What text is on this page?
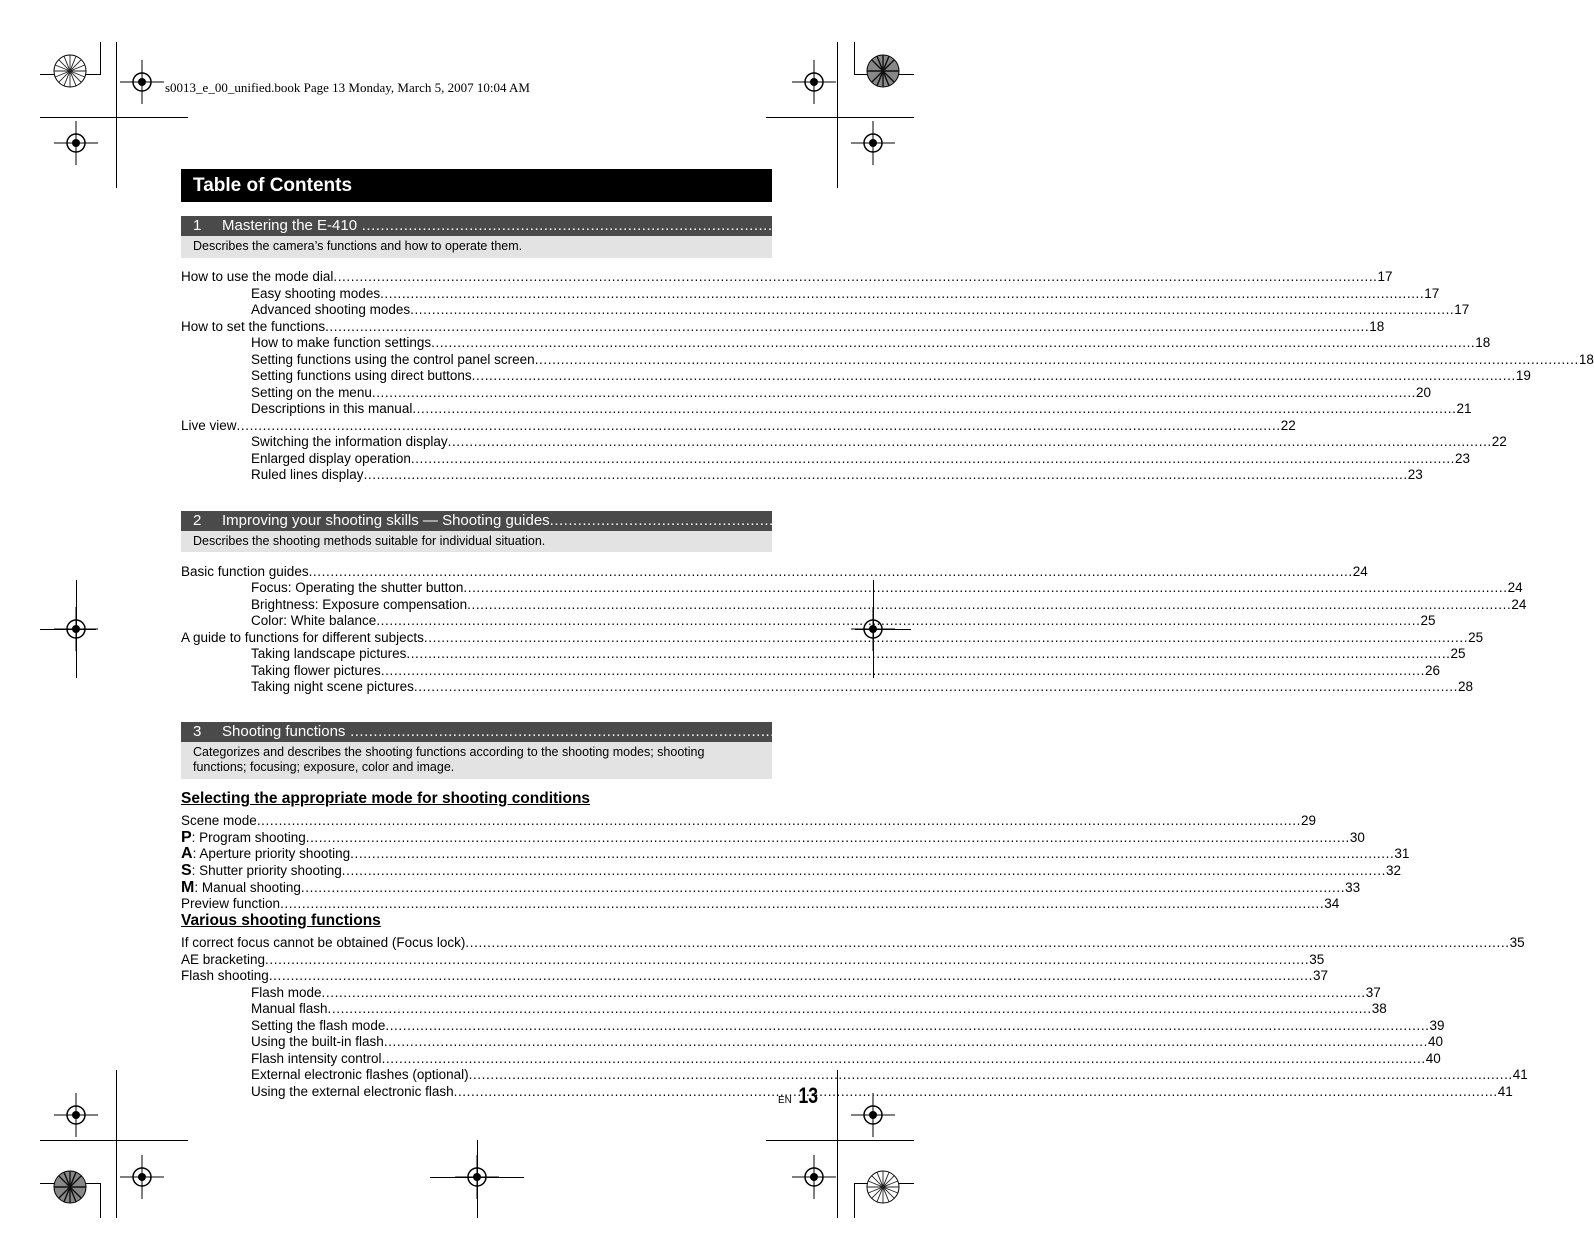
s0013_e_00_unified.book Page 13 Monday, March 5, 2007 10:04 AM
Table of Contents
1	Mastering the E-410 ................................................................................................................................. 17
Describes the camera’s functions and how to operate them.
How to use the mode dial .....	17
Easy shooting modes .....	17
Advanced shooting modes .....	17
How to set the functions .....	18
How to make function settings .....	18
Setting functions using the control panel screen .....	18
Setting functions using direct buttons .....	19
Setting on the menu .....	20
Descriptions in this manual .....	21
Live view .....	22
Switching the information display .....	22
Enlarged display operation .....	23
Ruled lines display .....	23
2	Improving your shooting skills — Shooting guides ................................................................................................................................. 24
Describes the shooting methods suitable for individual situation.
Basic function guides .....	24
Focus: Operating the shutter button .....	24
Brightness: Exposure compensation .....	24
Color: White balance .....	25
A guide to functions for different subjects .....	25
Taking landscape pictures .....	25
Taking flower pictures .....	26
Taking night scene pictures .....	28
3	Shooting functions ................................................................................................................................. 29
Categorizes and describes the shooting functions according to the shooting modes; shooting
functions; focusing; exposure, color and image.
Selecting the appropriate mode for shooting conditions
Scene mode .....	29
P: Program shooting .....	30
A: Aperture priority shooting .....	31
S: Shutter priority shooting .....	32
M: Manual shooting .....	33
Preview function .....	34
Various shooting functions
If correct focus cannot be obtained (Focus lock) .....	35
AE bracketing .....	35
Flash shooting .....	37
Flash mode .....	37
Manual flash .....	38
Setting the flash mode .....	39
Using the built-in flash .....	40
Flash intensity control .....	40
External electronic flashes (optional) .....	41
Using the external electronic flash .....	41
EN 13
